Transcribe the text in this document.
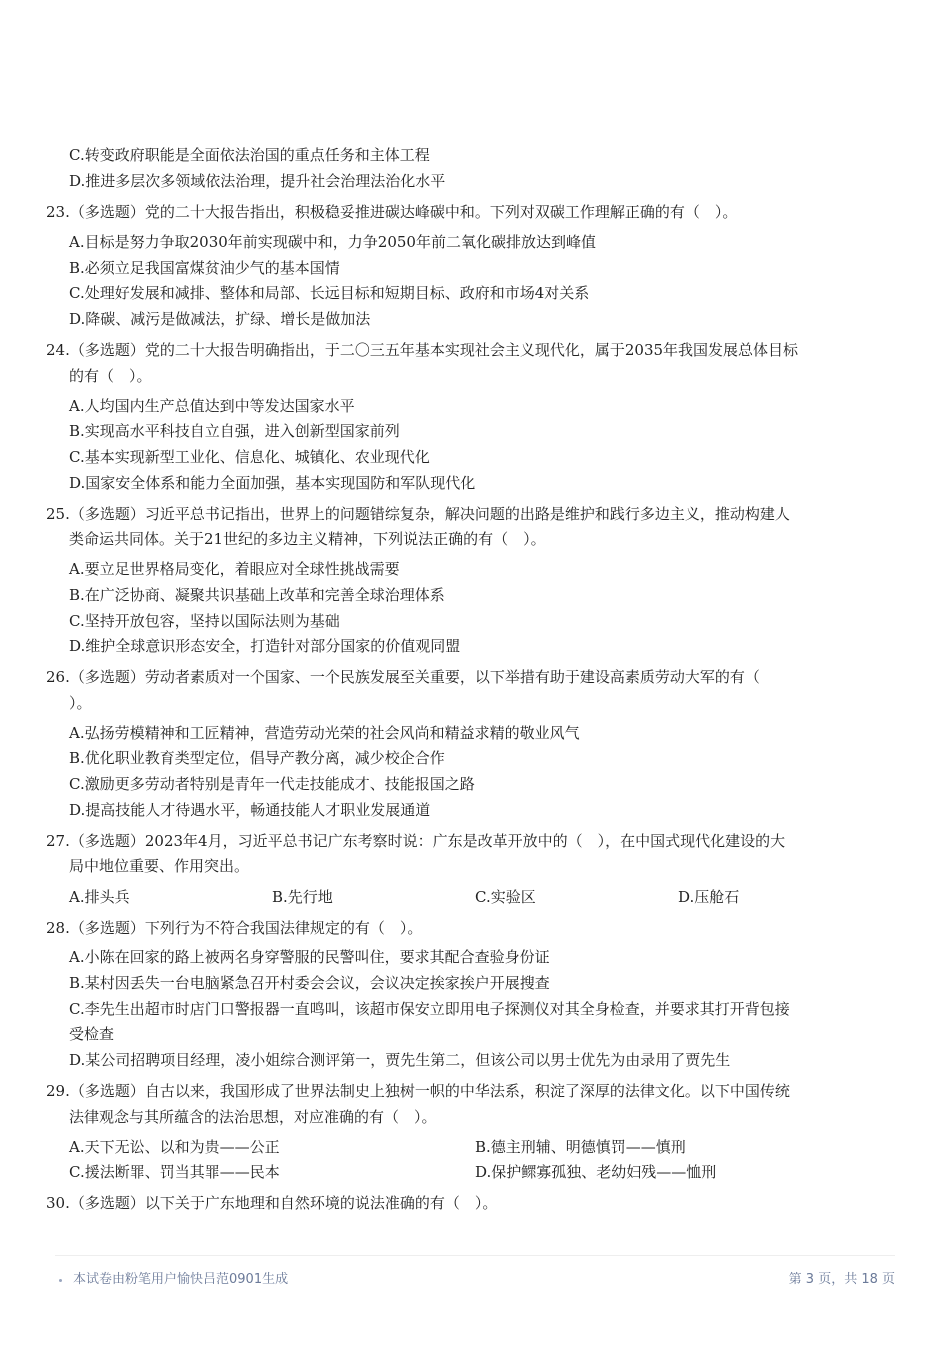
C.转变政府职能是全面依法治国的重点任务和主体工程
D.推进多层次多领域依法治理，提升社会治理法治化水平
23.（多选题）党的二十大报告指出，积极稳妥推进碳达峰碳中和。下列对双碳工作理解正确的有（　）。
A.目标是努力争取2030年前实现碳中和，力争2050年前二氧化碳排放达到峰值
B.必须立足我国富煤贫油少气的基本国情
C.处理好发展和减排、整体和局部、长远目标和短期目标、政府和市场4对关系
D.降碳、减污是做减法，扩绿、增长是做加法
24.（多选题）党的二十大报告明确指出，于二〇三五年基本实现社会主义现代化，属于2035年我国发展总体目标
的有（　）。
A.人均国内生产总值达到中等发达国家水平
B.实现高水平科技自立自强，进入创新型国家前列
C.基本实现新型工业化、信息化、城镇化、农业现代化
D.国家安全体系和能力全面加强，基本实现国防和军队现代化
25.（多选题）习近平总书记指出，世界上的问题错综复杂，解决问题的出路是维护和践行多边主义，推动构建人
类命运共同体。关于21世纪的多边主义精神，下列说法正确的有（　）。
A.要立足世界格局变化，着眼应对全球性挑战需要
B.在广泛协商、凝聚共识基础上改革和完善全球治理体系
C.坚持开放包容，坚持以国际法则为基础
D.维护全球意识形态安全，打造针对部分国家的价值观同盟
26.（多选题）劳动者素质对一个国家、一个民族发展至关重要，以下举措有助于建设高素质劳动大军的有（
）。
A.弘扬劳模精神和工匠精神，营造劳动光荣的社会风尚和精益求精的敬业风气
B.优化职业教育类型定位，倡导产教分离，减少校企合作
C.激励更多劳动者特别是青年一代走技能成才、技能报国之路
D.提高技能人才待遇水平，畅通技能人才职业发展通道
27.（多选题）2023年4月，习近平总书记广东考察时说：广东是改革开放中的（　），在中国式现代化建设的大
局中地位重要、作用突出。
A.排头兵	B.先行地	C.实验区	D.压舱石
28.（多选题）下列行为不符合我国法律规定的有（　）。
A.小陈在回家的路上被两名身穿警服的民警叫住，要求其配合查验身份证
B.某村因丢失一台电脑紧急召开村委会会议，会议决定挨家挨户开展搜查
C.李先生出超市时店门口警报器一直鸣叫，该超市保安立即用电子探测仪对其全身检查，并要求其打开背包接
受检查
D.某公司招聘项目经理，凌小姐综合测评第一，贾先生第二，但该公司以男士优先为由录用了贾先生
29.（多选题）自古以来，我国形成了世界法制史上独树一帜的中华法系，积淀了深厚的法律文化。以下中国传统
法律观念与其所蕴含的法治思想，对应准确的有（　）。
A.天下无讼、以和为贵——公正	B.德主刑辅、明德慎罚——慎刑
C.援法断罪、罚当其罪——民本	D.保护鳏寡孤独、老幼妇残——恤刑
30.（多选题）以下关于广东地理和自然环境的说法准确的有（　）。
本试卷由粉笔用户愉快吕范0901生成	第 3 页，共 18 页
